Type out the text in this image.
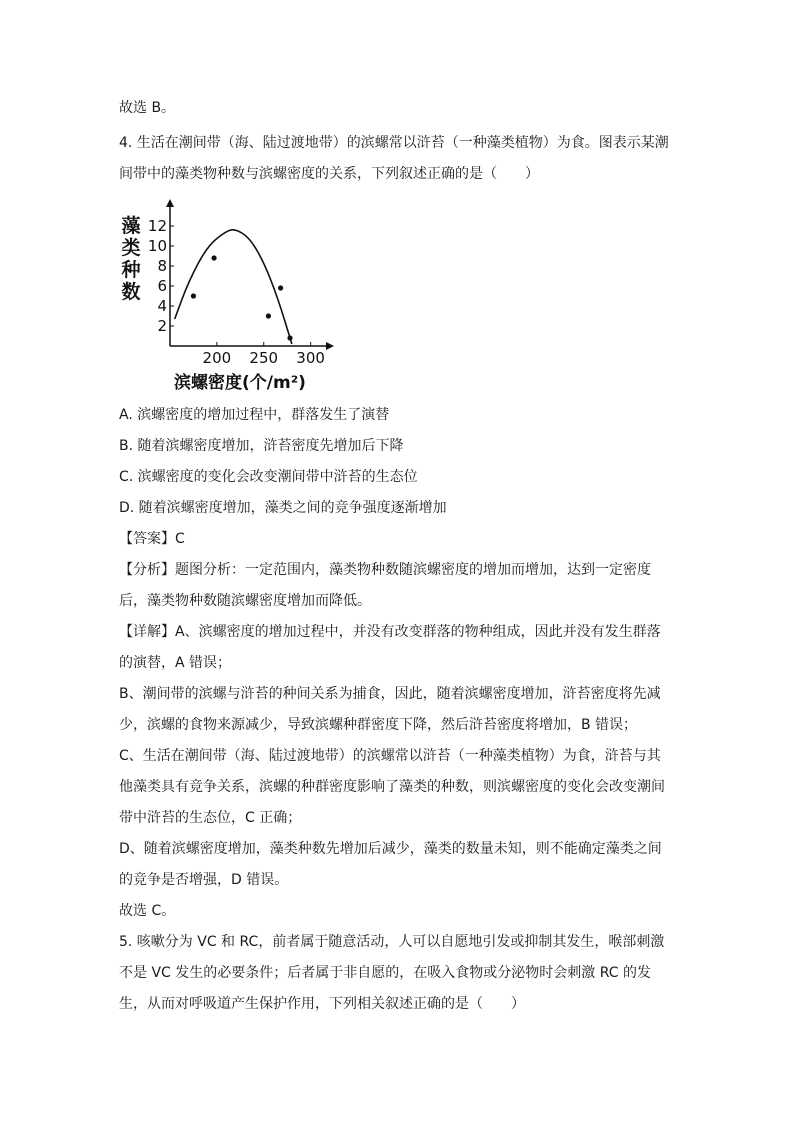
故选 B。
4. 生活在潮间带（海、陆过渡地带）的滨螺常以浒苔（一种藻类植物）为食。图表示某潮
间带中的藻类物种数与滨螺密度的关系，下列叙述正确的是（　　）
2
4
6
8
10
12
200 250 300
藻
类
种
数
滨螺密度(个/m²)
A. 滨螺密度的增加过程中，群落发生了演替
B. 随着滨螺密度增加，浒苔密度先增加后下降
C. 滨螺密度的变化会改变潮间带中浒苔的生态位
D. 随着滨螺密度增加，藻类之间的竞争强度逐渐增加
【答案】C
【分析】题图分析：一定范围内，藻类物种数随滨螺密度的增加而增加，达到一定密度
后，藻类物种数随滨螺密度增加而降低。
【详解】A、滨螺密度的增加过程中，并没有改变群落的物种组成，因此并没有发生群落
的演替，A 错误；
B、潮间带的滨螺与浒苔的种间关系为捕食，因此，随着滨螺密度增加，浒苔密度将先减
少，滨螺的食物来源减少，导致滨螺种群密度下降，然后浒苔密度将增加，B 错误；
C、生活在潮间带（海、陆过渡地带）的滨螺常以浒苔（一种藻类植物）为食，浒苔与其
他藻类具有竞争关系，滨螺的种群密度影响了藻类的种数，则滨螺密度的变化会改变潮间
带中浒苔的生态位，C 正确；
D、随着滨螺密度增加，藻类种数先增加后减少，藻类的数量未知，则不能确定藻类之间
的竞争是否增强，D 错误。
故选 C。
5. 咳嗽分为 VC 和 RC，前者属于随意活动，人可以自愿地引发或抑制其发生，喉部刺激
不是 VC 发生的必要条件；后者属于非自愿的，在吸入食物或分泌物时会刺激 RC 的发
生，从而对呼吸道产生保护作用，下列相关叙述正确的是（　　）
